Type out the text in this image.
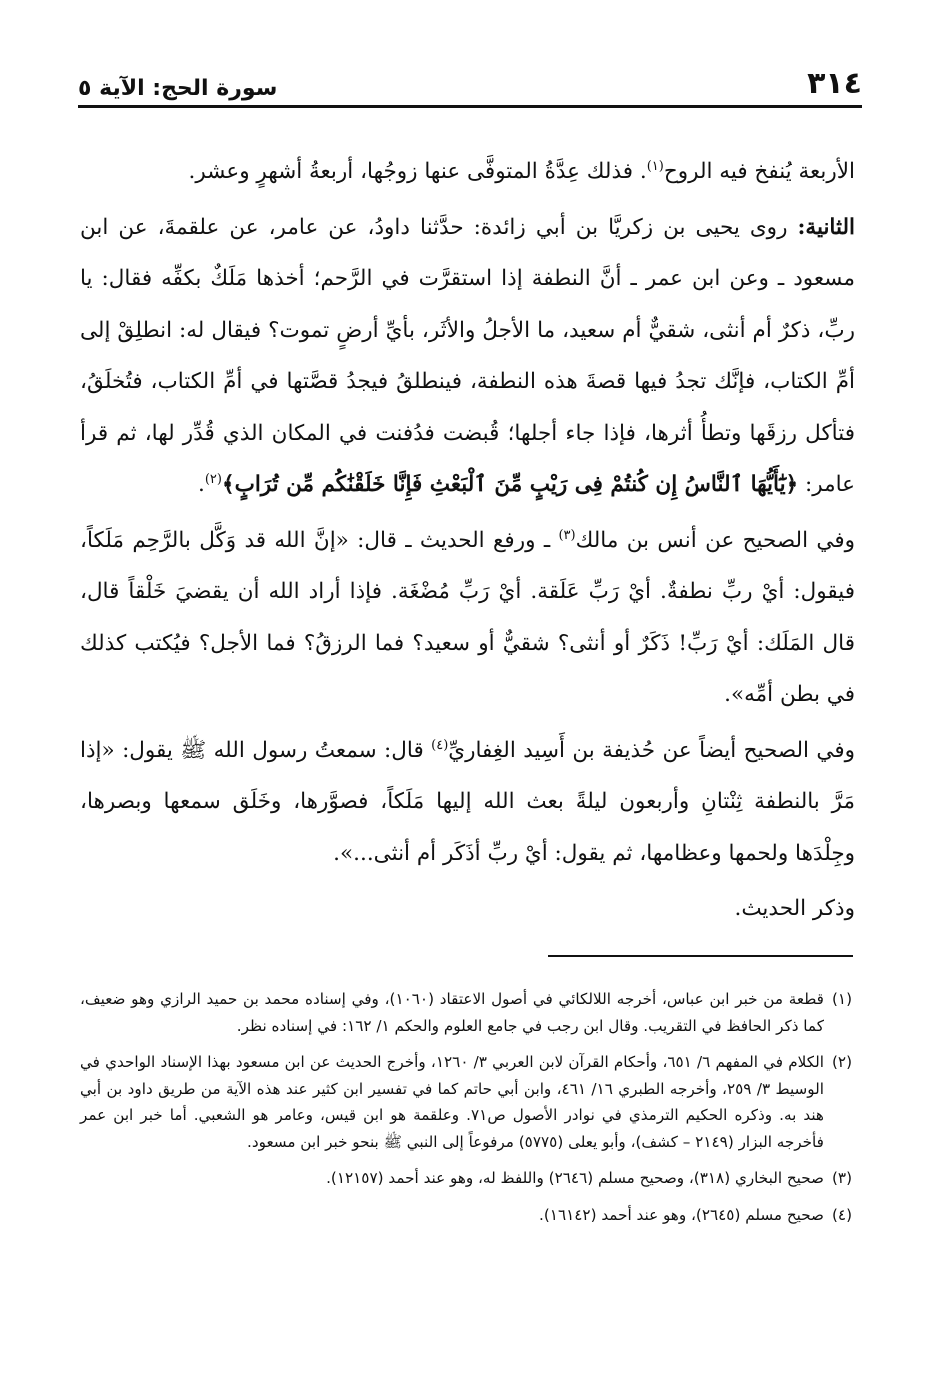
٣١٤
سورة الحج: الآية ٥

الأربعة يُنفخ فيه الروح$^{(١)}$. فذلك عِدَّةُ المتوفَّى عنها زوجُها، أربعةُ أشهرٍ وعشر.

الثانية: روى يحيى بن زكريَّا بن أبي زائدة: حدَّثنا داودُ، عن عامر، عن علقمةَ، عن ابن مسعود ـ وعن ابن عمر ـ أنَّ النطفة إذا استقرَّت في الرَّحم؛ أخذها مَلَكٌ بكفِّه فقال: يا ربِّ، ذكرٌ أم أنثى، شقيٌّ أم سعيد، ما الأجلُ والأثَر، بأيِّ أرضٍ تموت؟ فيقال له: انطلِقْ إلى أمِّ الكتاب، فإنَّك تجدُ فيها قصةَ هذه النطفة، فينطلقُ فيجدُ قصَّتها في أمِّ الكتاب، فتُخلَقُ، فتأكل رزقَها وتطأُ أثرها، فإذا جاء أجلها؛ قُبضت فدُفنت في المكان الذي قُدِّر لها، ثم قرأ عامر: ﴿يَٰٓأَيُّهَا ٱلنَّاسُ إِن كُنتُمْ فِى رَيْبٍ مِّنَ ٱلْبَعْثِ فَإِنَّا خَلَقْنَٰكُم مِّن تُرَابٍ﴾$^{(٢)}$.

وفي الصحيح عن أنس بن مالك$^{(٣)}$ ـ ورفع الحديث ـ قال: «إنَّ الله قد وَكَّل بالرَّحِم مَلَكاً، فيقول: أيْ ربِّ نطفةٌ. أيْ رَبِّ عَلَقة. أيْ رَبِّ مُضْغَة. فإذا أراد الله أن يقضيَ خَلْقاً قال، قال المَلَك: أيْ رَبِّ! ذَكَرٌ أو أنثى؟ شقيٌّ أو سعيد؟ فما الرزقُ؟ فما الأجل؟ فيُكتب كذلك في بطن أمِّه».

وفي الصحيح أيضاً عن حُذيفة بن أَسِيد الغِفاريِّ$^{(٤)}$ قال: سمعتُ رسول الله ﷺ يقول: «إذا مَرَّ بالنطفة ثِنْتانِ وأربعون ليلةً بعث الله إليها مَلَكاً، فصوَّرها، وخَلَق سمعها وبصرها، وجِلْدَها ولحمها وعظامها، ثم يقول: أيْ ربِّ أذَكَر أم أنثى...».

وذكر الحديث.

(١)
قطعة من خبر ابن عباس، أخرجه اللالكائي في أصول الاعتقاد (١٠٦٠)، وفي إسناده محمد بن حميد الرازي وهو ضعيف، كما ذكر الحافظ في التقريب. وقال ابن رجب في جامع العلوم والحكم ١/ ١٦٢: في إسناده نظر.
(٢)
الكلام في المفهم ٦/ ٦٥١، وأحكام القرآن لابن العربي ٣/ ١٢٦٠، وأخرج الحديث عن ابن مسعود بهذا الإسناد الواحدي في الوسيط ٣/ ٢٥٩، وأخرجه الطبري ١٦/ ٤٦١، وابن أبي حاتم كما في تفسير ابن كثير عند هذه الآية من طريق داود بن أبي هند به. وذكره الحكيم الترمذي في نوادر الأصول ص٧١. وعلقمة هو ابن قيس، وعامر هو الشعبي. أما خبر ابن عمر فأخرجه البزار (٢١٤٩ – كشف)، وأبو يعلى (٥٧٧٥) مرفوعاً إلى النبي ﷺ بنحو خبر ابن مسعود.
(٣)
صحيح البخاري (٣١٨)، وصحيح مسلم (٢٦٤٦) واللفظ له، وهو عند أحمد (١٢١٥٧).
(٤)
صحيح مسلم (٢٦٤٥)، وهو عند أحمد (١٦١٤٢).
